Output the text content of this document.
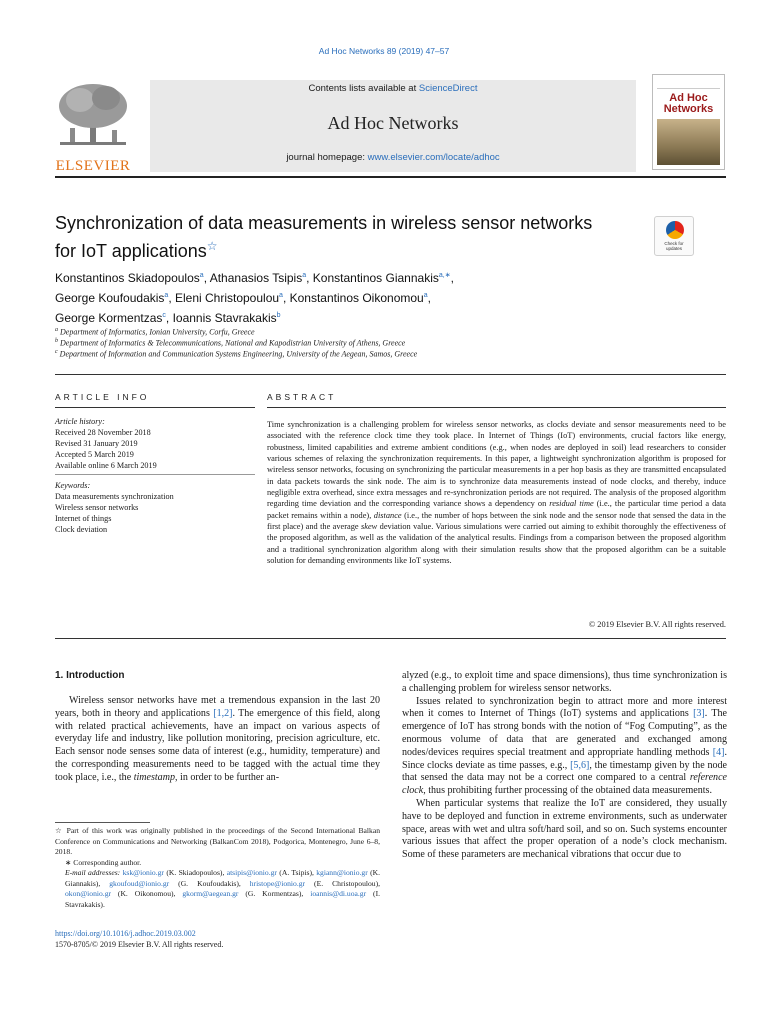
Ad Hoc Networks 89 (2019) 47–57
ELSEVIER
Contents lists available at ScienceDirect
Ad Hoc Networks
journal homepage: www.elsevier.com/locate/adhoc
Ad Hoc
Networks
Synchronization of data measurements in wireless sensor networks
for IoT applications☆	Check for
updates
Konstantinos Skiadopoulos$^a$, Athanasios Tsipis$^a$, Konstantinos Giannakis$^{a,∗}$,
George Koufoudakis$^a$, Eleni Christopoulou$^a$, Konstantinos Oikonomou$^a$,
George Kormentzas$^c$, Ioannis Stavrakakis$^b$
$^a$ Department of Informatics, Ionian University, Corfu, Greece
$^b$ Department of Informatics & Telecommunications, National and Kapodistrian University of Athens, Greece
$^c$ Department of Information and Communication Systems Engineering, University of the Aegean, Samos, Greece
ARTICLE INFO
Article history:
Received 28 November 2018
Revised 31 January 2019
Accepted 5 March 2019
Available online 6 March 2019
Keywords:
Data measurements synchronization
Wireless sensor networks
Internet of things
Clock deviation
ABSTRACT
Time synchronization is a challenging problem for wireless sensor networks, as clocks deviate and sensor measurements need to be associated with the reference clock time they took place. In Internet of Things (IoT) environments, crucial factors like energy, robustness, limited capabilities and extreme ambient conditions (e.g., when nodes are deployed in soil) lead researchers to consider various schemes of relaxing the synchronization requirements. In this paper, a lightweight synchronization algorithm is proposed for wireless sensor networks, focusing on synchronizing the particular measurements in a per hop basis as they are transmitted encapsulated in data packets towards the sink node. The aim is to synchronize data measurements instead of node clocks, and thereby, induce negligible extra overhead, since extra messages and re-synchronization periods are not required. The analysis of the proposed algorithm regarding time deviation and the corresponding variance shows a dependency on residual time (i.e., the particular time period a data packet remains within a node), distance (i.e., the number of hops between the sink node and the sensor node that sensed the data in the first place) and the average skew deviation value. Various simulations were carried out aiming to exhibit thoroughly the effectiveness of the proposed algorithm, as well as the validation of the analytical results. Findings from a comparison between the proposed algorithm and a traditional synchronization algorithm along with their simulation results show that the proposed algorithm can be a suitable solution for demanding environments like IoT systems.
© 2019 Elsevier B.V. All rights reserved.
1. Introduction

Wireless sensor networks have met a tremendous expansion in the last 20 years, both in theory and applications [1,2]. The emergence of this field, along with related practical achievements, have an impact on various aspects of everyday life and industry, like pollution monitoring, precision agriculture, etc. Each sensor node senses some data of interest (e.g., humidity, temperature) and the corresponding measurements need to be tagged with the actual time they took place, i.e., the timestamp, in order to be further an-

alyzed (e.g., to exploit time and space dimensions), thus time synchronization is a challenging problem for wireless sensor networks.

Issues related to synchronization begin to attract more and more interest when it comes to Internet of Things (IoT) systems and applications [3]. The emergence of IoT has strong bonds with the notion of “Fog Computing”, as the enormous volume of data that are generated and exchanged among nodes/devices requires special treatment and appropriate handling methods [4]. Since clocks deviate as time passes, e.g., [5,6], the timestamp given by the node that sensed the data may not be a correct one compared to a central reference clock, thus prohibiting further processing of the obtained data measurements.

When particular systems that realize the IoT are considered, they usually have to be deployed and function in extreme environments, such as underwater space, areas with wet and ultra soft/hard soil, and so on. Such systems encounter various issues that affect the proper operation of a node’s clock mechanism. Some of these parameters are mechanical vibrations that occur due to

☆ Part of this work was originally published in the proceedings of the Second International Balkan Conference on Communications and Networking (BalkanCom 2018), Podgorica, Montenegro, June 6–8, 2018.

∗ Corresponding author.

E-mail addresses: ksk@ionio.gr (K. Skiadopoulos), atsipis@ionio.gr (A. Tsipis), kgiann@ionio.gr (K. Giannakis), gkoufoud@ionio.gr (G. Koufoudakis), hristope@ionio.gr (E. Christopoulou), okon@ionio.gr (K. Oikonomou), gkorm@aegean.gr (G. Kormentzas), ioannis@di.uoa.gr (I. Stavrakakis).

https://doi.org/10.1016/j.adhoc.2019.03.002
1570-8705/© 2019 Elsevier B.V. All rights reserved.
